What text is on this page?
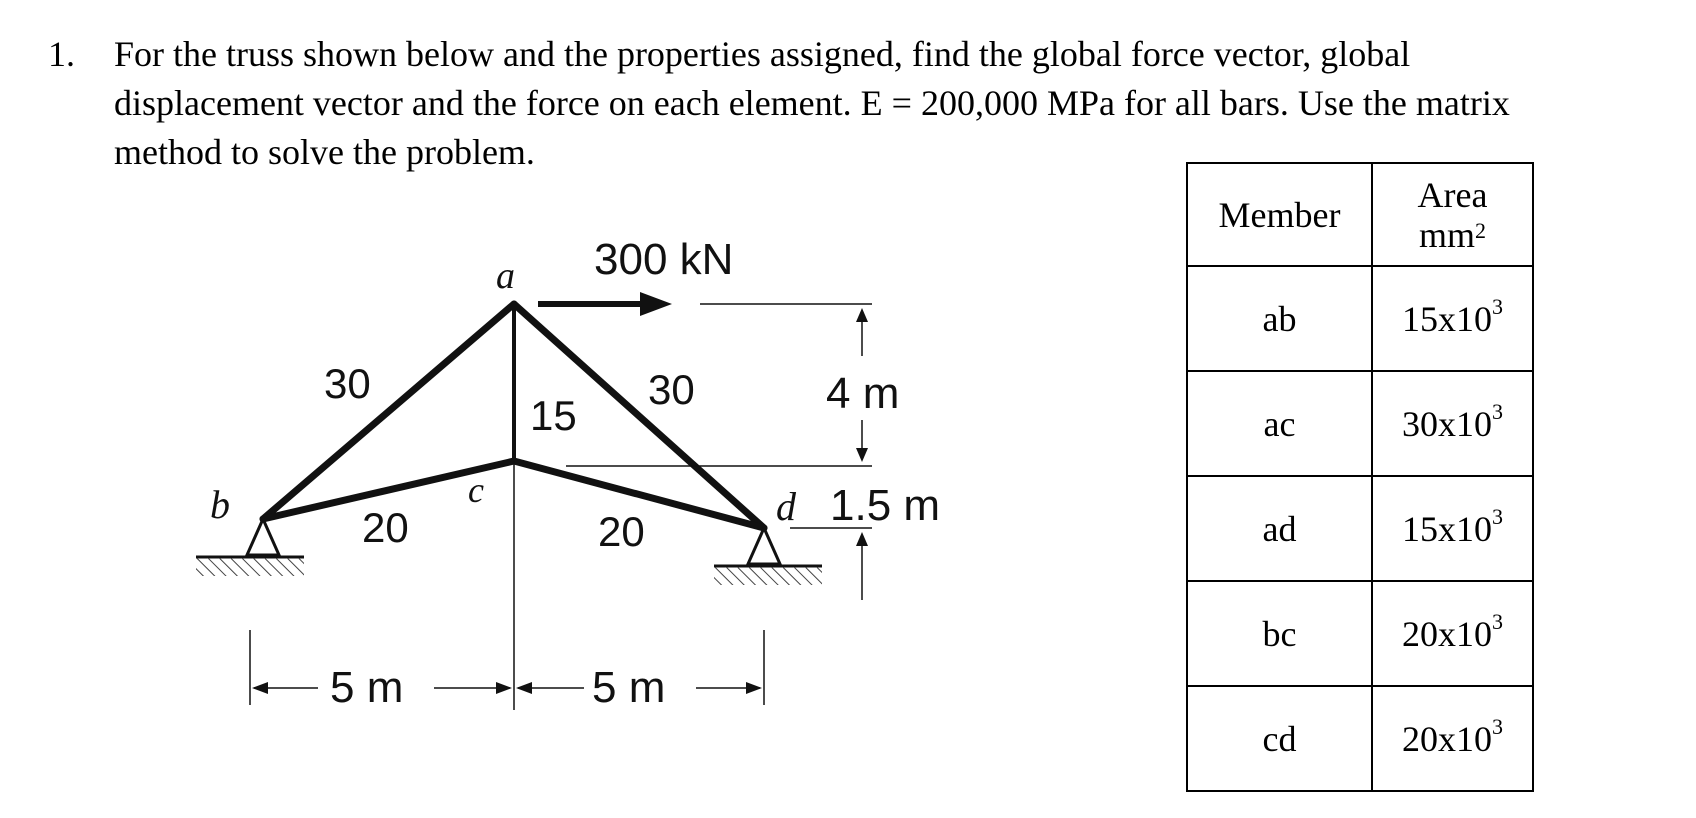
1. For the truss shown below and the properties assigned, find the global force vector, global
displacement vector and the force on each element. E = 200,000 MPa for all bars. Use the matrix
method to solve the problem.
a
b	c	d
300 kN
30	30
15
20	20
4 m
1.5 m
5 m	5 m
Member	Area
$mm^2$
ab	$15x10^3$
ac	$30x10^3$
ad	$15x10^3$
bc	$20x10^3$
cd	$20x10^3$
